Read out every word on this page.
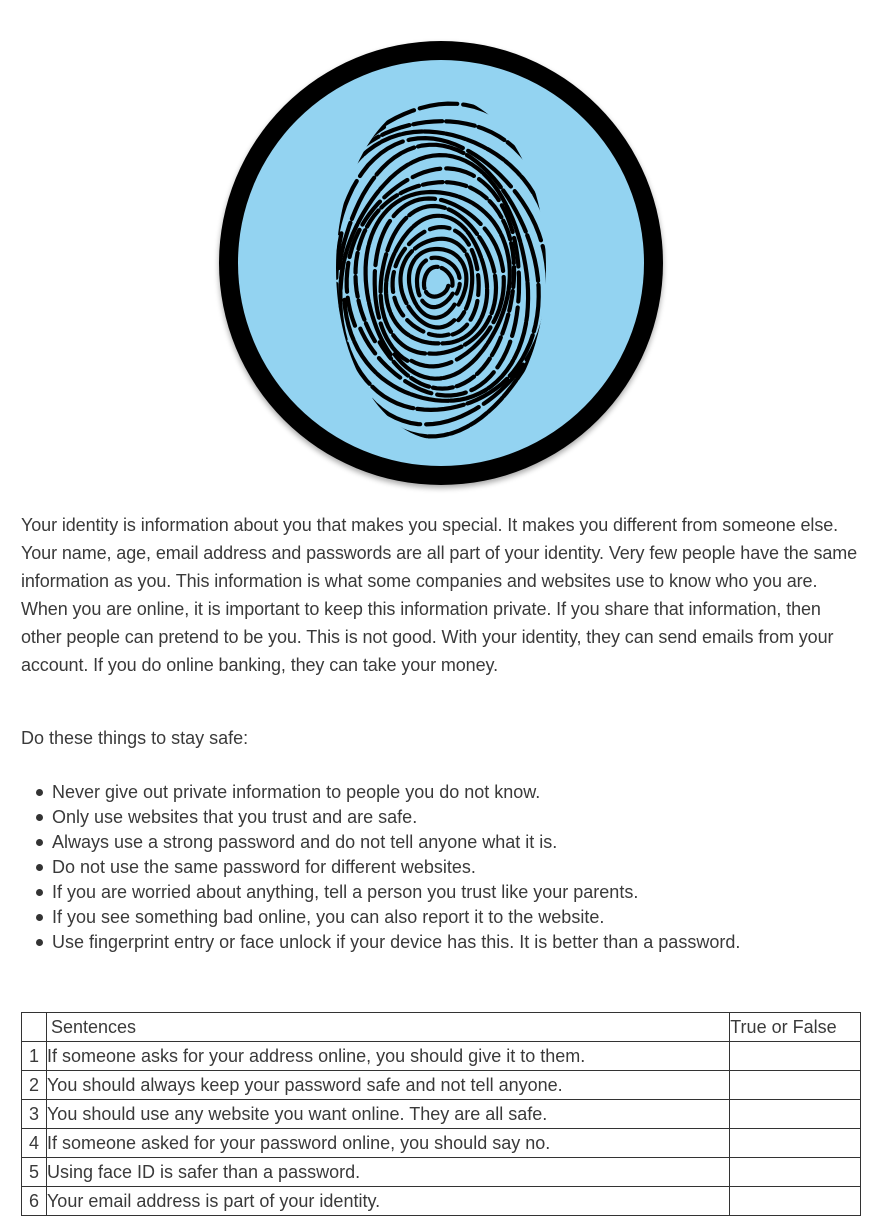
Your identity is information about you that makes you special. It makes you different from someone else. Your name, age, email address and passwords are all part of your identity. Very few people have the same information as you. This information is what some companies and websites use to know who you are. When you are online, it is important to keep this information private. If you share that information, then other people can pretend to be you. This is not good. With your identity, they can send emails from your account. If you do online banking, they can take your money.

Do these things to stay safe:

Never give out private information to people you do not know.
Only use websites that you trust and are safe.
Always use a strong password and do not tell anyone what it is.
Do not use the same password for different websites.
If you are worried about anything, tell a person you trust like your parents.
If you see something bad online, you can also report it to the website.
Use fingerprint entry or face unlock if your device has this. It is better than a password.
	Sentences	True or False
1	If someone asks for your address online, you should give it to them.	
2	You should always keep your password safe and not tell anyone.	
3	You should use any website you want online. They are all safe.	
4	If someone asked for your password online, you should say no.	
5	Using face ID is safer than a password.	
6	Your email address is part of your identity.	
